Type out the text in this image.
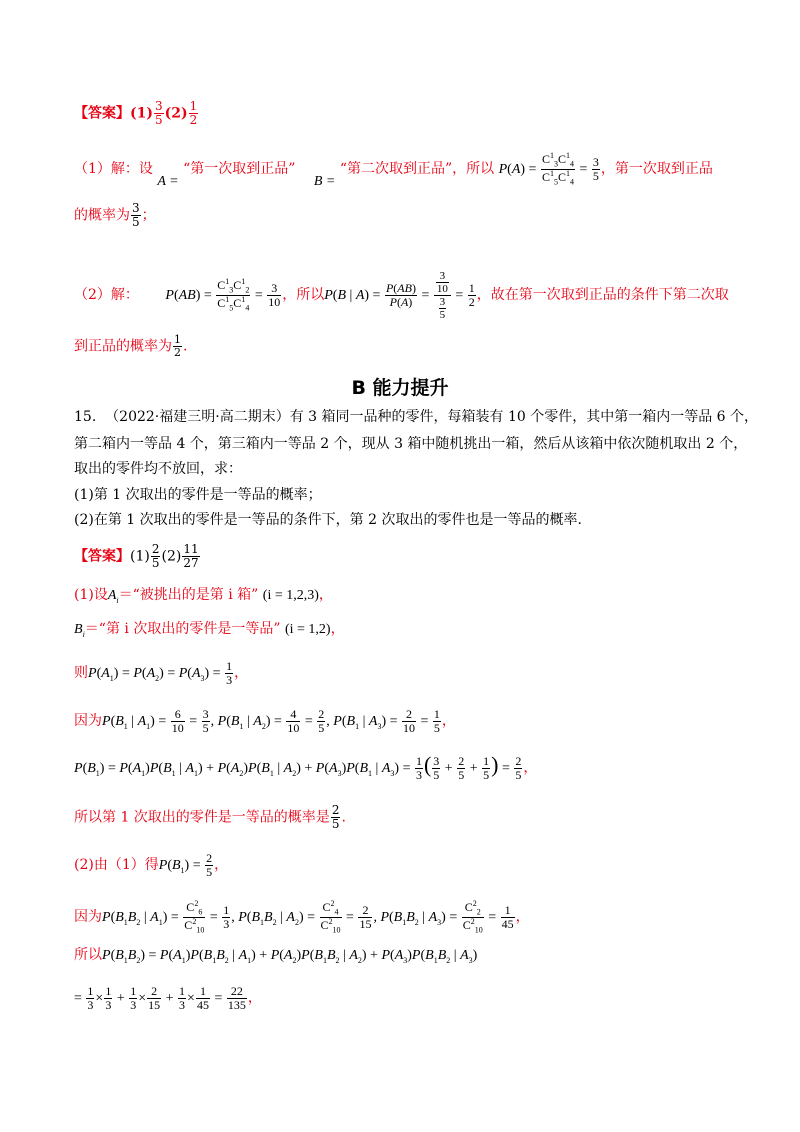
【答案】$(1) \frac{3}{5} (2) \frac{1}{2}$
（1）解：设 A = “第一次取到正品” B = “第二次取到正品”，所以 $P(A) = \frac{C^1_3C^1_4}{C^1_5C^1_4} = \frac{3}{5}$ ，第一次取到正品
的概率为 $\frac{3}{5}$ ；
（2）解： $P(AB) = \frac{C^1_3C^1_2}{C^1_5C^1_4} = \frac{3}{10}$ ，所以P(B | $A) = \frac{P(AB)}{P(A)} = \frac{\frac{3}{10}}{\frac{3}{5}} = \frac{1}{2}$ ，故在第一次取到正品的条件下第二次取
到正品的概率为 $\frac{1}{2}$ .
B 能力提升
15. （2022·福建三明·高二期末）有 3 箱同一品种的零件，每箱装有 10 个零件，其中第一箱内一等品 6 个，
第二箱内一等品 4 个，第三箱内一等品 2 个，现从 3 箱中随机挑出一箱，然后从该箱中依次随机取出 2 个，
取出的零件均不放回，求：
(1)第 1 次取出的零件是一等品的概率；
(2)在第 1 次取出的零件是一等品的条件下，第 2 次取出的零件也是一等品的概率.
【答案】$(1) \frac{2}{5} (2) \frac{11}{27}$
(1)设$A_i=“$被挑出的是第 i 箱” (i = 1,2,3)，
$B_i=“$第 i 次取出的零件是一等品” (i = 1,2)，
则$P(A_1) = P(A_2) = P(A_3) = \frac{1}{3}$ ，
因为$P(B_1$ | $A_1) = \frac{6}{10} = \frac{3}{5}$ , $P(B_1$ | $A_2) = \frac{4}{10} = \frac{2}{5}$ , $P(B_1$ | $A_3) = \frac{2}{10} = \frac{1}{5}$ ，
$P(B_1) = P(A_1)P(B_1$ | $A_1) + P(A_2)P(B_1$ | $A_2) + P(A_3)P(B_1$ | $A_3) = \frac{1}{3}$ ( $\frac{3}{5} + \frac{2}{5} + \frac{1}{5}$ ) = $\frac{2}{5}$ ，
所以第 1 次取出的零件是一等品的概率是 $\frac{2}{5}$ .
(2)由（1）得$P(B_1) = \frac{2}{5}$ ，
因为$P(B_1B_2$ | $A_1) = \frac{C^2_6}{C^2_{10}} = \frac{1}{3}$ , $P(B_1B_2$ | $A_2) = \frac{C^2_4}{C^2_{10}} = \frac{2}{15}$ , $P(B_1B_2$ | $A_3) = \frac{C^2_2}{C^2_{10}} = \frac{1}{45}$ ，
所以$P(B_1B_2) = P(A_1)P(B_1B_2$ | $A_1) + P(A_2)P(B_1B_2$ | $A_2) + P(A_3)P(B_1B_2$ | $A_3$)
= $\frac{1}{3} \times \frac{1}{3} + \frac{1}{3} \times \frac{2}{15} + \frac{1}{3} \times \frac{1}{45} = \frac{22}{135}$ ，
